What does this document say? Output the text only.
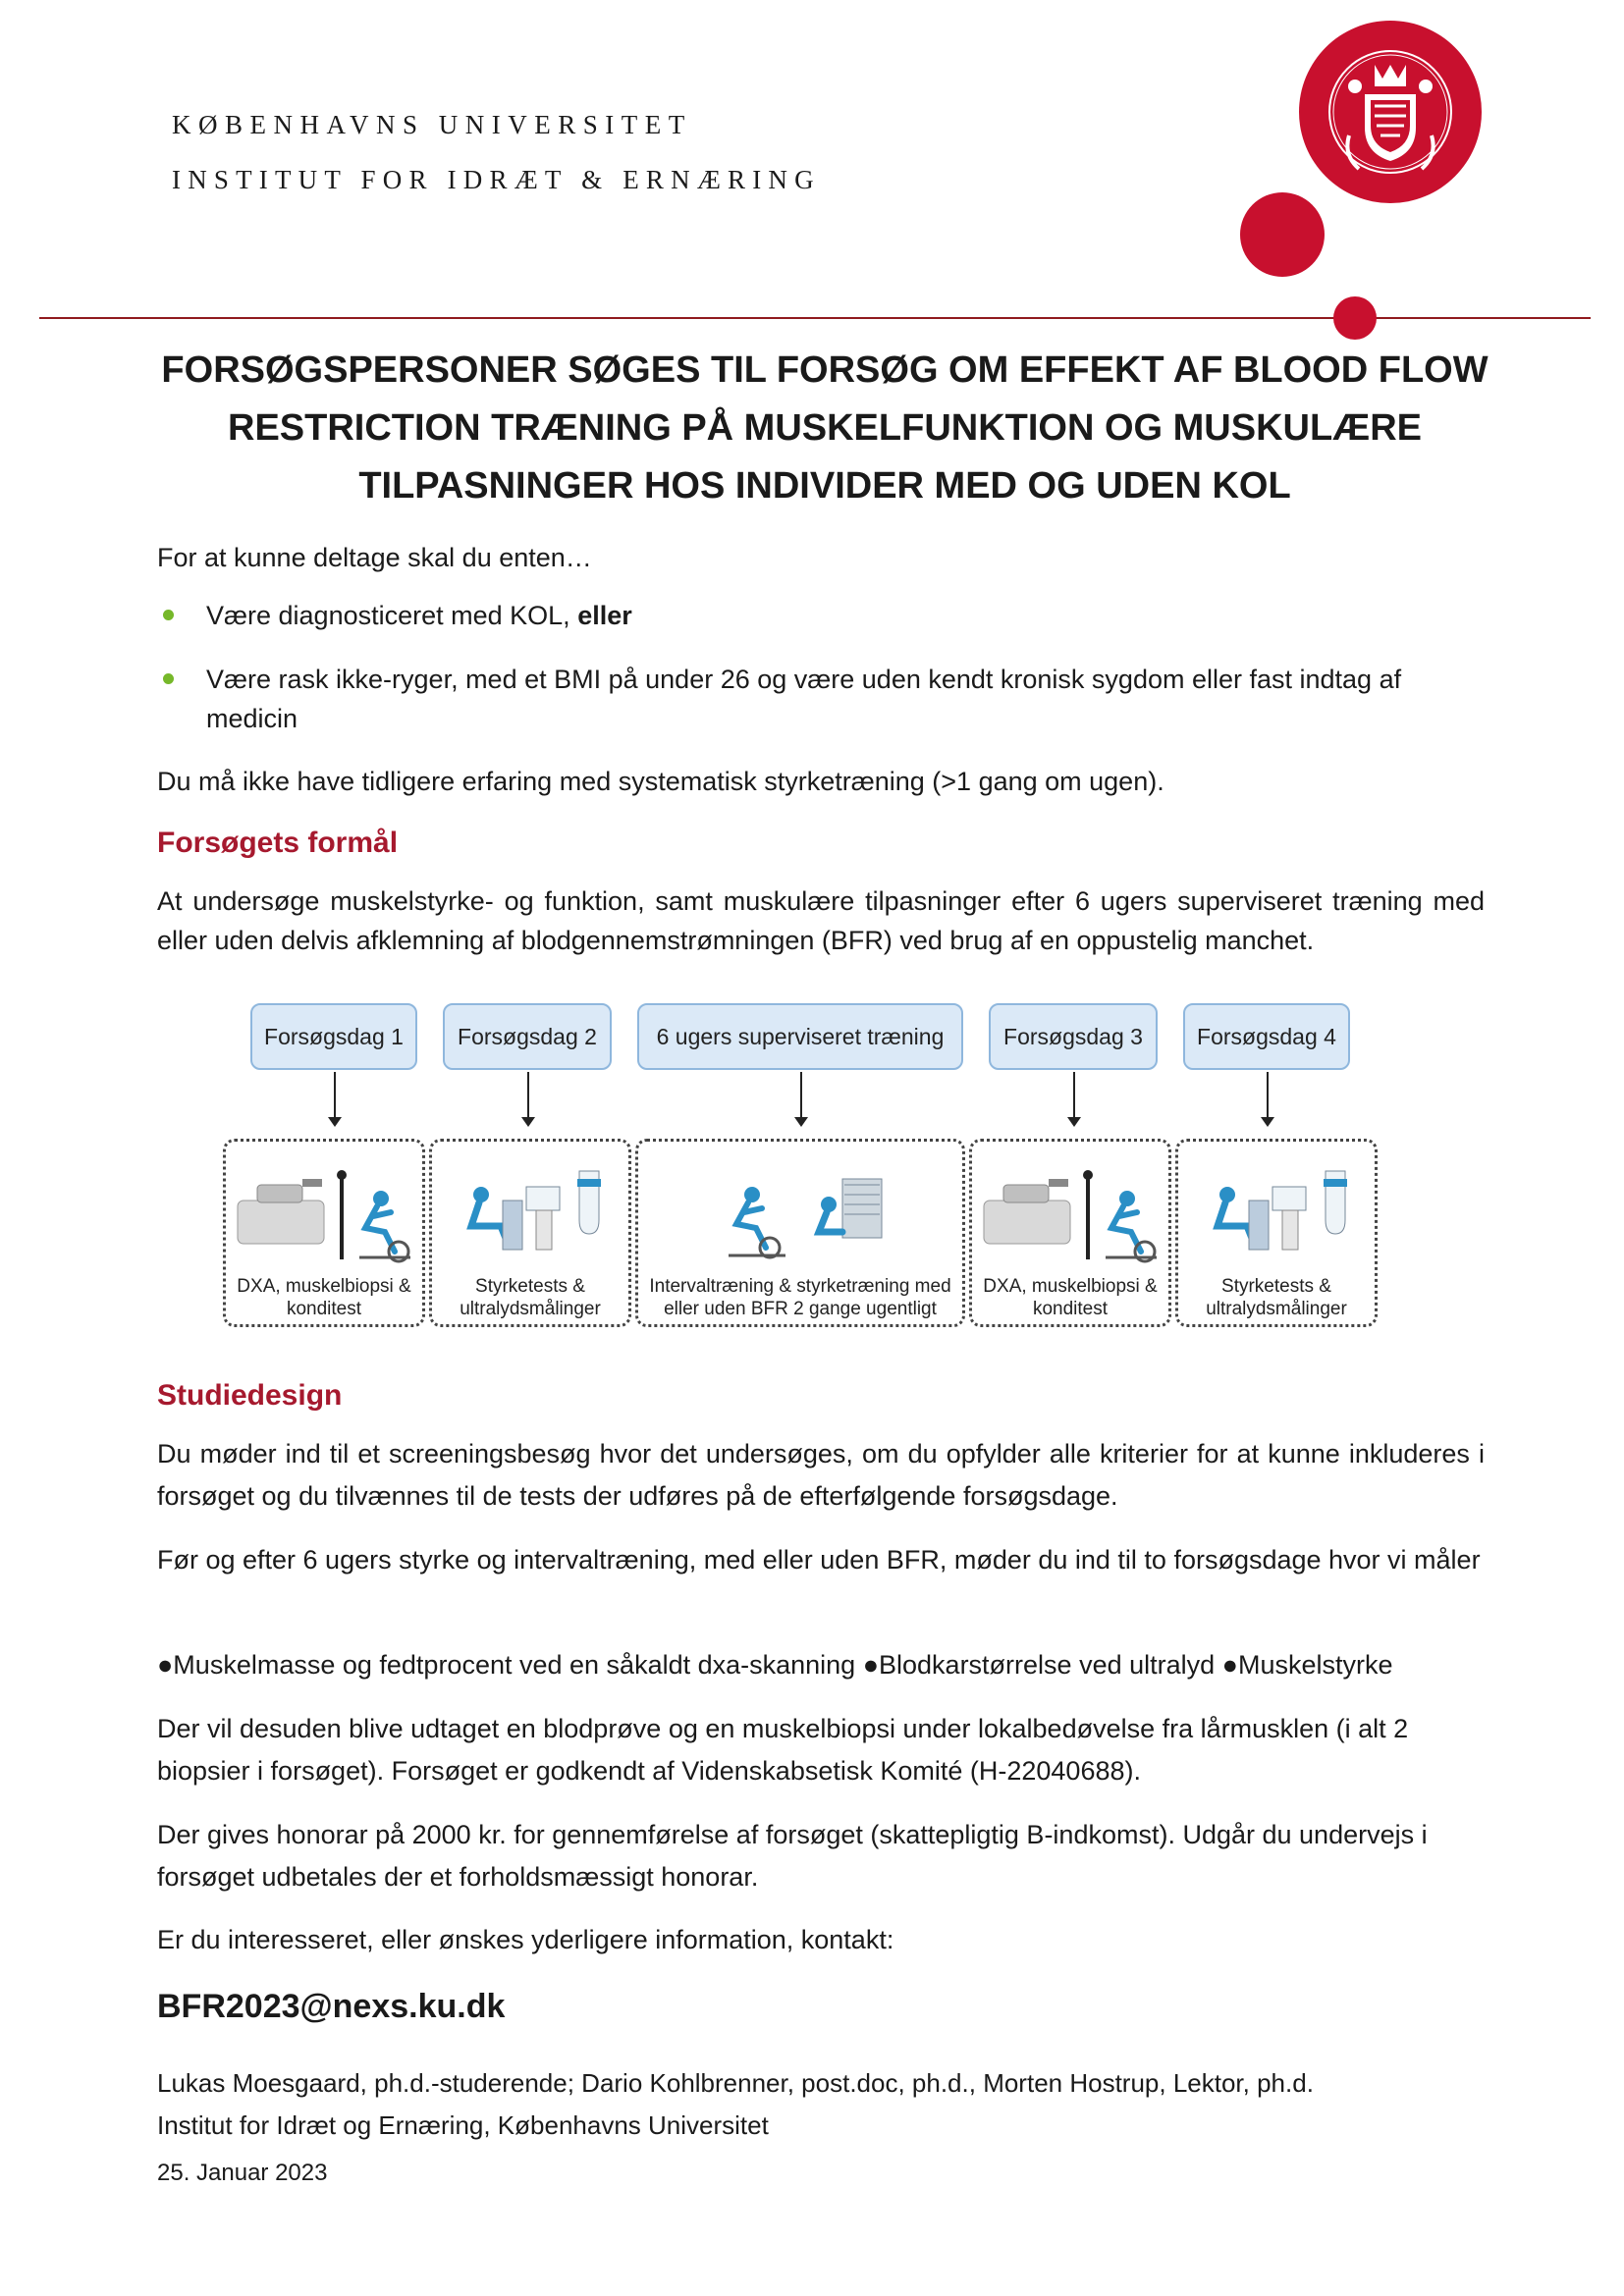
KØBENHAVNS UNIVERSITET
INSTITUT FOR IDRÆT & ERNÆRING
FORSØGSPERSONER SØGES TIL FORSØG OM EFFEKT AF BLOOD FLOW RESTRICTION TRÆNING PÅ MUSKELFUNKTION OG MUSKULÆRE TILPASNINGER HOS INDIVIDER MED OG UDEN KOL
For at kunne deltage skal du enten…
Være diagnosticeret med KOL, eller
Være rask ikke-ryger, med et BMI på under 26 og være uden kendt kronisk sygdom eller fast indtag af medicin
Du må ikke have tidligere erfaring med systematisk styrketræning (>1 gang om ugen).
Forsøgets formål
At undersøge muskelstyrke- og funktion, samt muskulære tilpasninger efter 6 ugers superviseret træning med eller uden delvis afklemning af blodgennemstrømningen (BFR) ved brug af en oppustelig manchet.
Forsøgsdag 1	Forsøgsdag 2	6 ugers superviseret træning	Forsøgsdag 3	Forsøgsdag 4
DXA, muskelbiopsi & konditest
Styrketests & ultralydsmålinger
Intervaltræning & styrketræning med eller uden BFR 2 gange ugentligt
DXA, muskelbiopsi & konditest
Styrketests & ultralydsmålinger
Studiedesign
Du møder ind til et screeningsbesøg hvor det undersøges, om du opfylder alle kriterier for at kunne inkluderes i forsøget og du tilvænnes til de tests der udføres på de efterfølgende forsøgsdage.
Før og efter 6 ugers styrke og intervaltræning, med eller uden BFR, møder du ind til to forsøgsdage hvor vi måler
●Muskelmasse og fedtprocent ved en såkaldt dxa-skanning ●Blodkarstørrelse ved ultralyd ●Muskelstyrke
Der vil desuden blive udtaget en blodprøve og en muskelbiopsi under lokalbedøvelse fra lårmusklen (i alt 2 biopsier i forsøget). Forsøget er godkendt af Videnskabsetisk Komité (H-22040688).
Der gives honorar på 2000 kr. for gennemførelse af forsøget (skattepligtig B-indkomst). Udgår du undervejs i forsøget udbetales der et forholdsmæssigt honorar.
Er du interesseret, eller ønskes yderligere information, kontakt:
BFR2023@nexs.ku.dk
Lukas Moesgaard, ph.d.-studerende; Dario Kohlbrenner, post.doc, ph.d., Morten Hostrup, Lektor, ph.d.
Institut for Idræt og Ernæring, Københavns Universitet
25. Januar 2023
